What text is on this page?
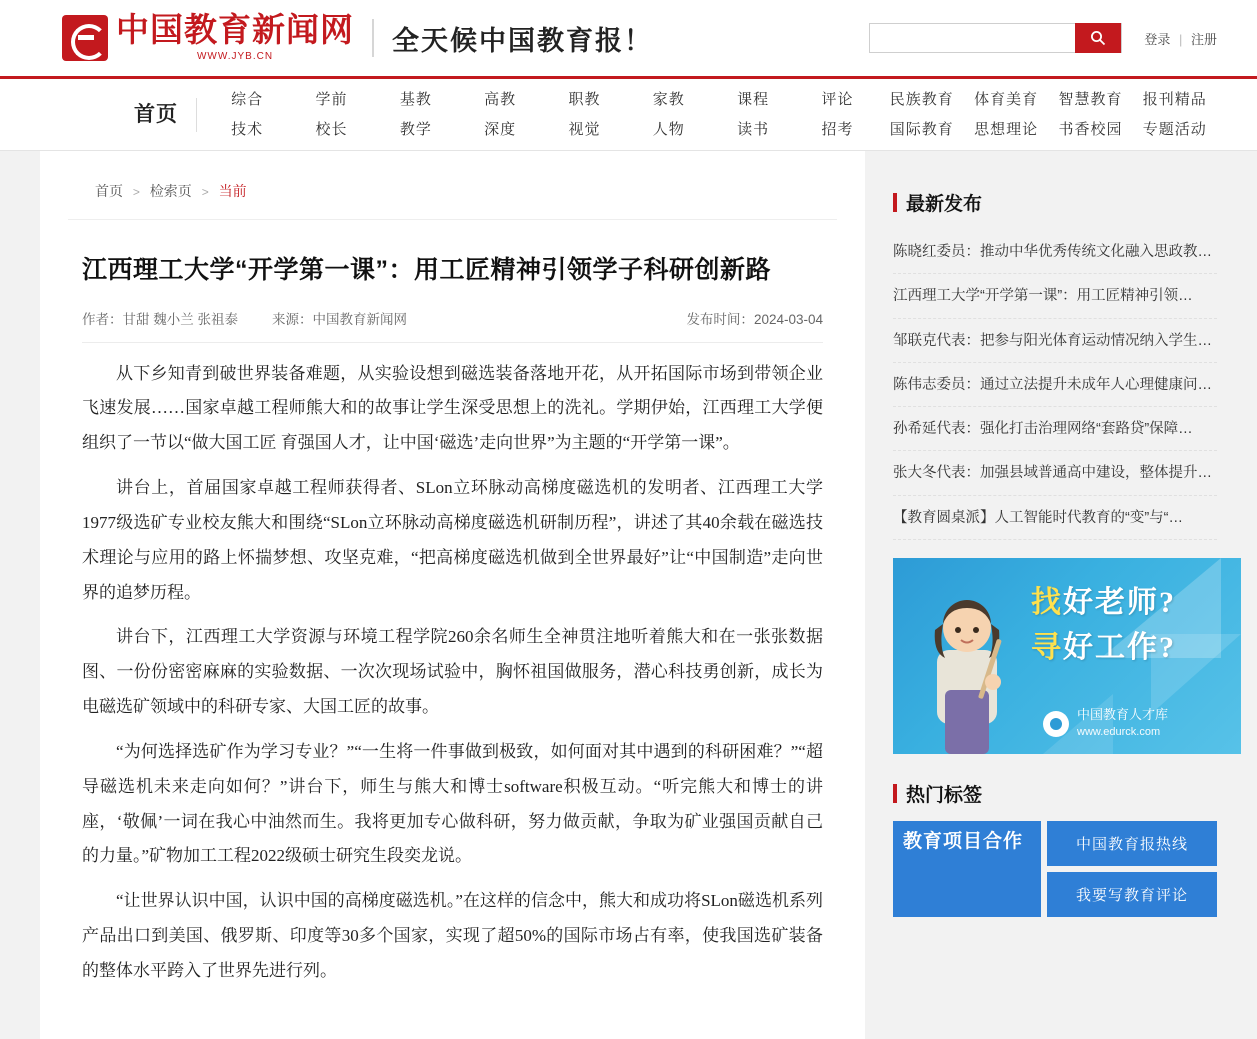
中国教育新闻网
WWW.JYB.CN
全天候中国教育报！	登录 | 注册
首页
综合
技术
学前
校长
基教
教学
高教
深度
职教
视觉
家教
人物
课程
读书
评论
招考
民族教育
国际教育
体育美育
思想理论
智慧教育
书香校园
报刊精品
专题活动
首页 > 检索页 > 当前
江西理工大学“开学第一课”：用工匠精神引领学子科研创新路
作者：甘甜 魏小兰 张祖泰	来源：中国教育新闻网	发布时间：2024-03-04

从下乡知青到破世界装备难题，从实验设想到磁选装备落地开花，从开拓国际市场到带领企业飞速发展……国家卓越工程师熊大和的故事让学生深受思想上的洗礼。学期伊始，江西理工大学便组织了一节以“做大国工匠 育强国人才，让中国‘磁选’走向世界”为主题的“开学第一课”。

讲台上，首届国家卓越工程师获得者、SLon立环脉动高梯度磁选机的发明者、江西理工大学1977级选矿专业校友熊大和围绕“SLon立环脉动高梯度磁选机研制历程”，讲述了其40余载在磁选技术理论与应用的路上怀揣梦想、攻坚克难，“把高梯度磁选机做到全世界最好”让“中国制造”走向世界的追梦历程。

讲台下，江西理工大学资源与环境工程学院260余名师生全神贯注地听着熊大和在一张张数据图、一份份密密麻麻的实验数据、一次次现场试验中，胸怀祖国做服务，潜心科技勇创新，成长为电磁选矿领域中的科研专家、大国工匠的故事。

“为何选择选矿作为学习专业？”“一生将一件事做到极致，如何面对其中遇到的科研困难？”“超导磁选机未来走向如何？”讲台下，师生与熊大和博士software积极互动。“听完熊大和博士的讲座，‘敬佩’一词在我心中油然而生。我将更加专心做科研，努力做贡献，争取为矿业强国贡献自己的力量。”矿物加工工程2022级硕士研究生段奕龙说。

“让世界认识中国，认识中国的高梯度磁选机。”在这样的信念中，熊大和成功将SLon磁选机系列产品出口到美国、俄罗斯、印度等30多个国家，实现了超50%的国际市场占有率，使我国选矿装备的整体水平跨入了世界先进行列。

最新发布
陈晓红委员：推动中华优秀传统文化融入思政教…
江西理工大学“开学第一课”：用工匠精神引领…
邹联克代表：把参与阳光体育运动情况纳入学生…
陈伟志委员：通过立法提升未成年人心理健康问…
孙希延代表：强化打击治理网络“套路贷”保障…
张大冬代表：加强县域普通高中建设，整体提升…
【教育圆桌派】人工智能时代教育的“变”与“…
找好老师?
寻好工作?
中国教育人才库
www.edurck.com
热门标签
教育项目合作	中国教育报热线
我要写教育评论
